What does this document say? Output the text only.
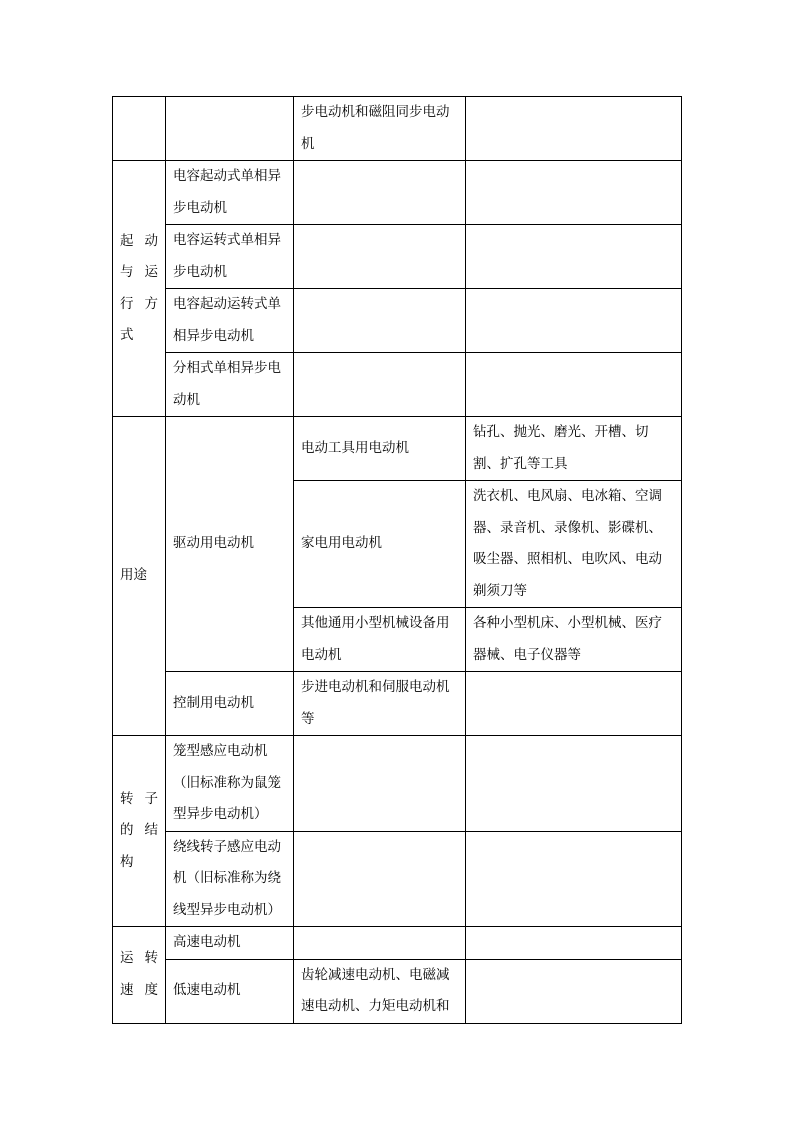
		步电动机和磁阻同步电动机	

起 动 与 运 行 方 式	电容起动式单相异步电动机		
	电容运转式单相异步电动机		
	电容起动运转式单相异步电动机		
	分相式单相异步电动机		
用途	驱动用电动机	电动工具用电动机	钻孔、抛光、磨光、开槽、切割、扩孔等工具
		家电用电动机	洗衣机、电风扇、电冰箱、空调器、录音机、录像机、影碟机、吸尘器、照相机、电吹风、电动剃须刀等
		其他通用小型机械设备用电动机	各种小型机床、小型机械、医疗器械、电子仪器等
	控制用电动机	步进电动机和伺服电动机等	

转 子 的 结 构	笼型感应电动机（旧标准称为鼠笼型异步电动机）		
	绕线转子感应电动机（旧标准称为绕线型异步电动机）		

运 转 速度	高速电动机		
	低速电动机	齿轮减速电动机、电磁减速电动机、力矩电动机和	
